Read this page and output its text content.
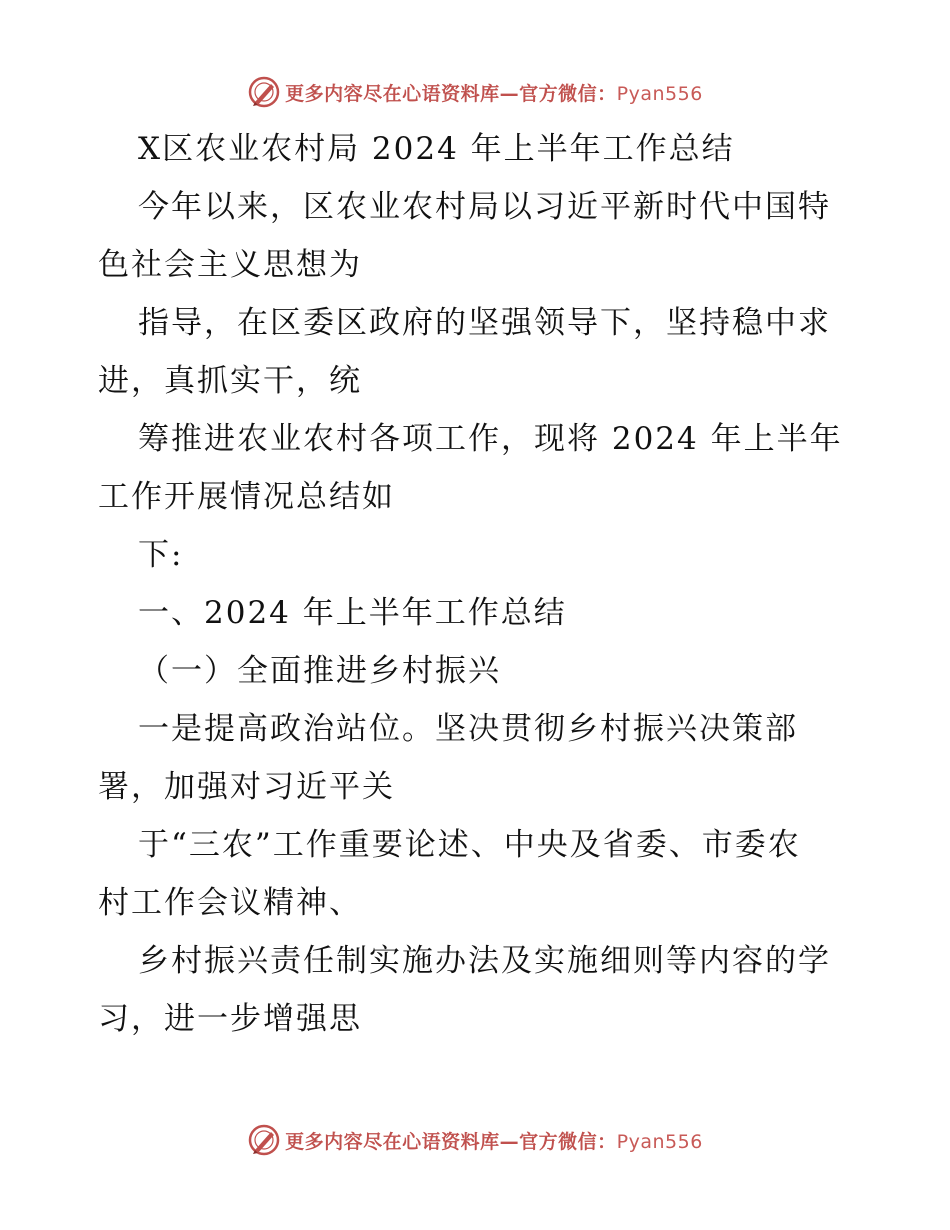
更多内容尽在心语资料库—官方微信：Pyan556
X区农业农村局 2024 年上半年工作总结
今年以来，区农业农村局以习近平新时代中国特
色社会主义思想为
指导，在区委区政府的坚强领导下，坚持稳中求
进，真抓实干，统
筹推进农业农村各项工作，现将 2024 年上半年
工作开展情况总结如
下:
一、2024 年上半年工作总结
（一）全面推进乡村振兴
一是提高政治站位。坚决贯彻乡村振兴决策部
署，加强对习近平关
于“三农”工作重要论述、中央及省委、市委农
村工作会议精神、
乡村振兴责任制实施办法及实施细则等内容的学
习，进一步增强思
更多内容尽在心语资料库—官方微信：Pyan556
